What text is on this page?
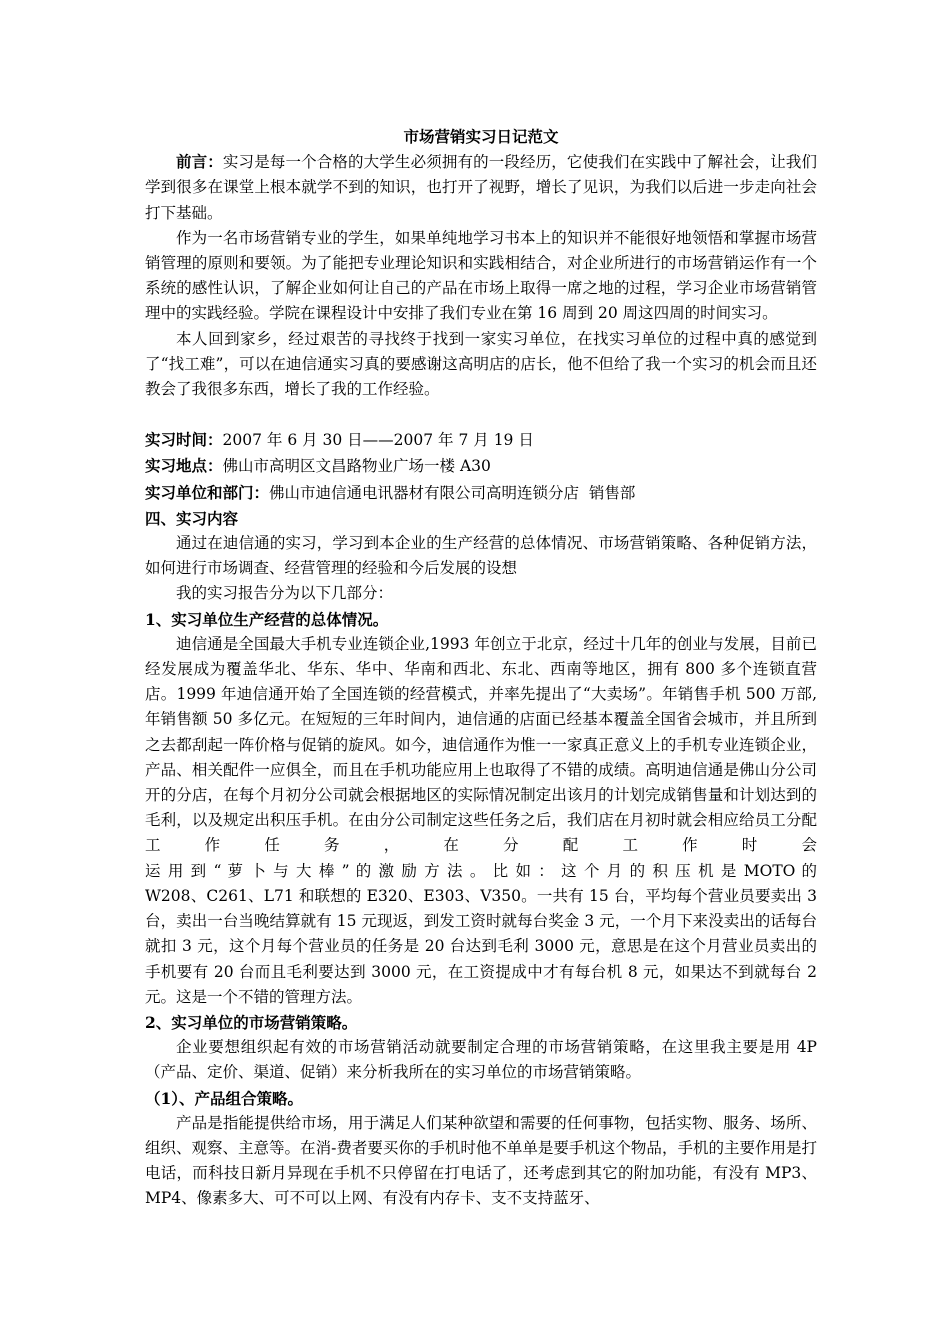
市场营销实习日记范文

前言：实习是每一个合格的大学生必须拥有的一段经历，它使我们在实践中了解社会，让我们学到很多在课堂上根本就学不到的知识，也打开了视野，增长了见识，为我们以后进一步走向社会打下基础。

作为一名市场营销专业的学生，如果单纯地学习书本上的知识并不能很好地领悟和掌握市场营销管理的原则和要领。为了能把专业理论知识和实践相结合，对企业所进行的市场营销运作有一个系统的感性认识，了解企业如何让自己的产品在市场上取得一席之地的过程，学习企业市场营销管理中的实践经验。学院在课程设计中安排了我们专业在第 16 周到 20 周这四周的时间实习。

本人回到家乡，经过艰苦的寻找终于找到一家实习单位，在找实习单位的过程中真的感觉到了“找工难”，可以在迪信通实习真的要感谢这高明店的店长，他不但给了我一个实习的机会而且还教会了我很多东西，增长了我的工作经验。

实习时间：2007 年 6 月 30 日——2007 年 7 月 19 日

实习地点：佛山市高明区文昌路物业广场一楼 A30

实习单位和部门：佛山市迪信通电讯器材有限公司高明连锁分店  销售部

四、实习内容

通过在迪信通的实习，学习到本企业的生产经营的总体情况、市场营销策略、各种促销方法，如何进行市场调查、经营管理的经验和今后发展的设想

我的实习报告分为以下几部分：

1、实习单位生产经营的总体情况。

迪信通是全国最大手机专业连锁企业,1993 年创立于北京，经过十几年的创业与发展，目前已经发展成为覆盖华北、华东、华中、华南和西北、东北、西南等地区，拥有 800 多个连锁直营店。1999 年迪信通开始了全国连锁的经营模式，并率先提出了“大卖场”。年销售手机 500 万部,年销售额 50 多亿元。在短短的三年时间内，迪信通的店面已经基本覆盖全国省会城市，并且所到之去都刮起一阵价格与促销的旋风。如今，迪信通作为惟一一家真正意义上的手机专业连锁企业，产品、相关配件一应俱全，而且在手机功能应用上也取得了不错的成绩。高明迪信通是佛山分公司开的分店，在每个月初分公司就会根据地区的实际情况制定出该月的计划完成销售量和计划达到的毛利，以及规定出积压手机。在由分公司制定这些任务之后，我们店在月初时就会相应给员工分配工作任务，在分配工作时会

运 用 到 “ 萝 卜 与 大 棒 ” 的 激 励 方 法 。 比 如 ： 这 个 月 的 积 压 机 是 MOTO 的

W208、C261、L71 和联想的 E320、E303、V350。一共有 15 台，平均每个营业员要卖出 3 台，卖出一台当晚结算就有 15 元现返，到发工资时就每台奖金 3 元，一个月下来没卖出的话每台就扣 3 元，这个月每个营业员的任务是 20 台达到毛利 3000 元，意思是在这个月营业员卖出的手机要有 20 台而且毛利要达到 3000 元，在工资提成中才有每台机 8 元，如果达不到就每台 2 元。这是一个不错的管理方法。

2、实习单位的市场营销策略。

企业要想组织起有效的市场营销活动就要制定合理的市场营销策略，在这里我主要是用 4P（产品、定价、渠道、促销）来分析我所在的实习单位的市场营销策略。

（1）、产品组合策略。

产品是指能提供给市场，用于满足人们某种欲望和需要的任何事物，包括实物、服务、场所、组织、观察、主意等。在消-费者要买你的手机时他不单单是要手机这个物品，手机的主要作用是打电话，而科技日新月异现在手机不只停留在打电话了，还考虑到其它的附加功能，有没有 MP3、MP4、像素多大、可不可以上网、有没有内存卡、支不支持蓝牙、
